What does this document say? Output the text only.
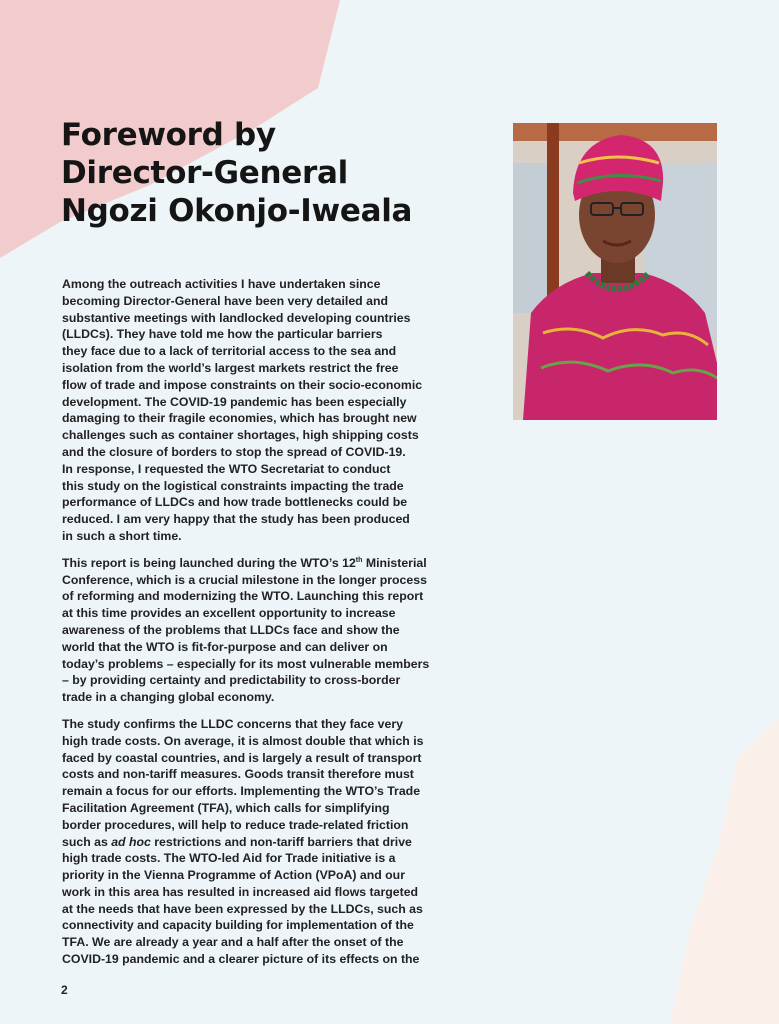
Foreword by
Director-General
Ngozi Okonjo-Iweala

Among the outreach activities I have undertaken since
becoming Director-General have been very detailed and
substantive meetings with landlocked developing countries
(LLDCs). They have told me how the particular barriers
they face due to a lack of territorial access to the sea and
isolation from the world’s largest markets restrict the free
flow of trade and impose constraints on their socio-economic
development. The COVID-19 pandemic has been especially
damaging to their fragile economies, which has brought new
challenges such as container shortages, high shipping costs
and the closure of borders to stop the spread of COVID-19.
In response, I requested the WTO Secretariat to conduct
this study on the logistical constraints impacting the trade
performance of LLDCs and how trade bottlenecks could be
reduced. I am very happy that the study has been produced
in such a short time.

This report is being launched during the WTO’s 12th Ministerial
Conference, which is a crucial milestone in the longer process
of reforming and modernizing the WTO. Launching this report
at this time provides an excellent opportunity to increase
awareness of the problems that LLDCs face and show the
world that the WTO is fit-for-purpose and can deliver on
today’s problems – especially for its most vulnerable members
– by providing certainty and predictability to cross-border
trade in a changing global economy.

The study confirms the LLDC concerns that they face very
high trade costs. On average, it is almost double that which is
faced by coastal countries, and is largely a result of transport
costs and non-tariff measures. Goods transit therefore must
remain a focus for our efforts. Implementing the WTO’s Trade
Facilitation Agreement (TFA), which calls for simplifying
border procedures, will help to reduce trade-related friction
such as ad hoc restrictions and non-tariff barriers that drive
high trade costs. The WTO-led Aid for Trade initiative is a
priority in the Vienna Programme of Action (VPoA) and our
work in this area has resulted in increased aid flows targeted
at the needs that have been expressed by the LLDCs, such as
connectivity and capacity building for implementation of the
TFA. We are already a year and a half after the onset of the
COVID-19 pandemic and a clearer picture of its effects on the

2
